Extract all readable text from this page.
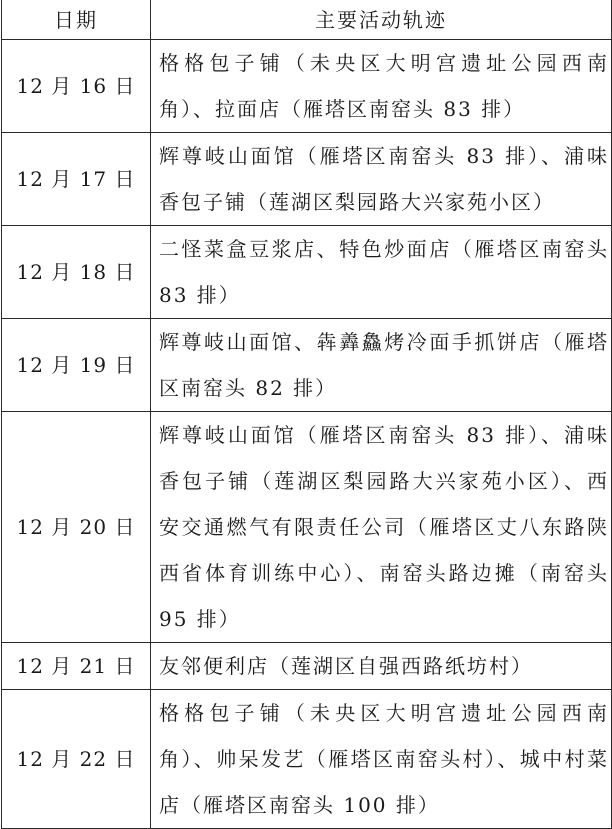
日期	主要活动轨迹
12 月 16 日	格格包子铺（未央区大明宫遗址公园西南角）、拉面店（雁塔区南窑头 83 排）
12 月 17 日	辉尊岐山面馆（雁塔区南窑头 83 排）、浦味香包子铺（莲湖区梨园路大兴家苑小区）
12 月 18 日	二怪菜盒豆浆店、特色炒面店（雁塔区南窑头 83 排）
12 月 19 日	辉尊岐山面馆、犇羴鱻烤冷面手抓饼店（雁塔区南窑头 82 排）
12 月 20 日	辉尊岐山面馆（雁塔区南窑头 83 排）、浦味香包子铺（莲湖区梨园路大兴家苑小区）、西安交通燃气有限责任公司（雁塔区丈八东路陕西省体育训练中心）、南窑头路边摊（南窑头 95 排）
12 月 21 日	友邻便利店（莲湖区自强西路纸坊村）
12 月 22 日	格格包子铺（未央区大明宫遗址公园西南角）、帅呆发艺（雁塔区南窑头村）、城中村菜店（雁塔区南窑头 100 排）
